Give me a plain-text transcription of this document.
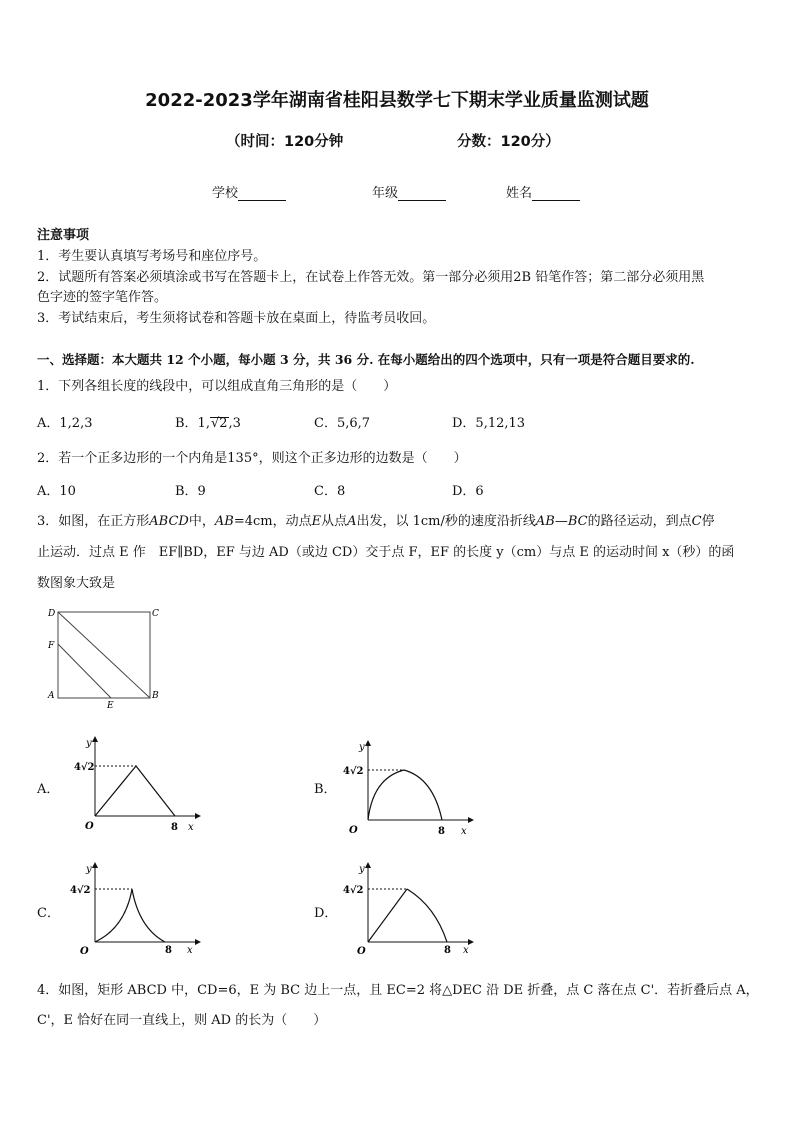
2022-2023学年湖南省桂阳县数学七下期末学业质量监测试题
（时间：120分钟	分数：120分）
学校	年级	姓名
注意事项
1．考生要认真填写考场号和座位序号。
2．试题所有答案必须填涂或书写在答题卡上，在试卷上作答无效。第一部分必须用2B 铅笔作答；第二部分必须用黑
色字迹的签字笔作答。
3．考试结束后，考生须将试卷和答题卡放在桌面上，待监考员收回。
一、选择题：本大题共 12 个小题，每小题 3 分，共 36 分. 在每小题给出的四个选项中，只有一项是符合题目要求的.
1．下列各组长度的线段中，可以组成直角三角形的是（　　）
A．1,2,3	B．1,√2,3	C．5,6,7	D．5,12,13
2．若一个正多边形的一个内角是135°，则这个正多边形的边数是（　　）
A．10	B．9	C．8	D．6
3．如图，在正方形ABCD中，AB=4cm，动点E从点A出发，以 1cm/秒的速度沿折线AB—BC的路径运动，到点C停
止运动．过点 E 作　EF∥BD，EF 与边 AD（或边 CD）交于点 F，EF 的长度 y（cm）与点 E 的运动时间 x（秒）的函
数图象大致是
D	C
F
A
E
B
A．
y
x
O	8
4√2
B．
y
x
O	8
4√2
C．
y
x
O	8
4√2
D．
y
x
O	8
4√2
4．如图，矩形 ABCD 中，CD=6，E 为 BC 边上一点，且 EC=2 将△DEC 沿 DE 折叠，点 C 落在点 C'．若折叠后点 A，
C'，E 恰好在同一直线上，则 AD 的长为（　　）
